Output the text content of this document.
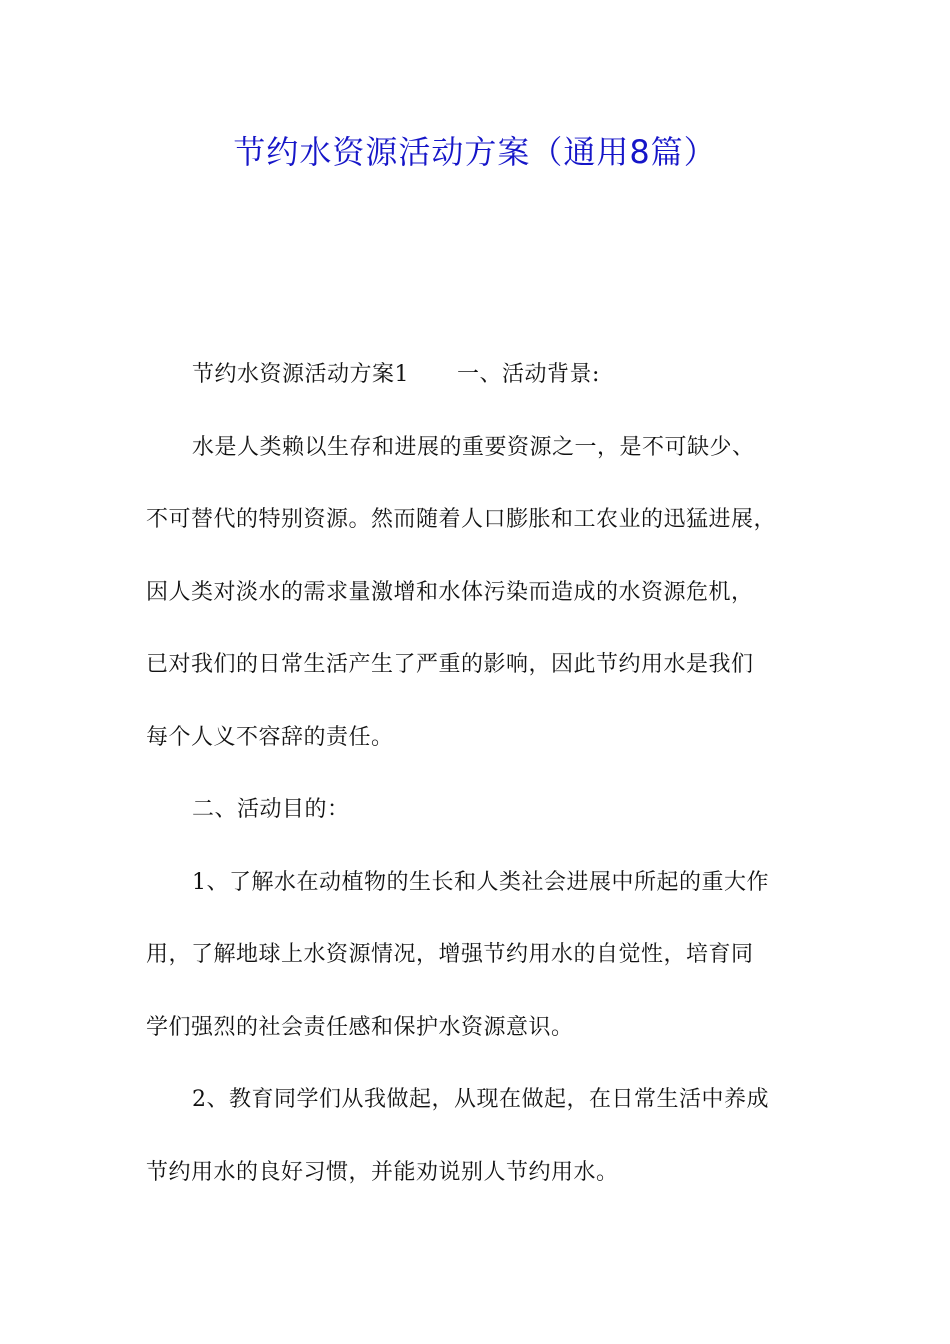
节约水资源活动方案（通用8篇）
节约水资源活动方案1 一、活动背景:
水是人类赖以生存和进展的重要资源之一，是不可缺少、
不可替代的特别资源。然而随着人口膨胀和工农业的迅猛进展，
因人类对淡水的需求量激增和水体污染而造成的水资源危机，
已对我们的日常生活产生了严重的影响，因此节约用水是我们
每个人义不容辞的责任。
二、活动目的：
1、了解水在动植物的生长和人类社会进展中所起的重大作
用，了解地球上水资源情况，增强节约用水的自觉性，培育同
学们强烈的社会责任感和保护水资源意识。
2、教育同学们从我做起，从现在做起，在日常生活中养成
节约用水的良好习惯，并能劝说别人节约用水。
